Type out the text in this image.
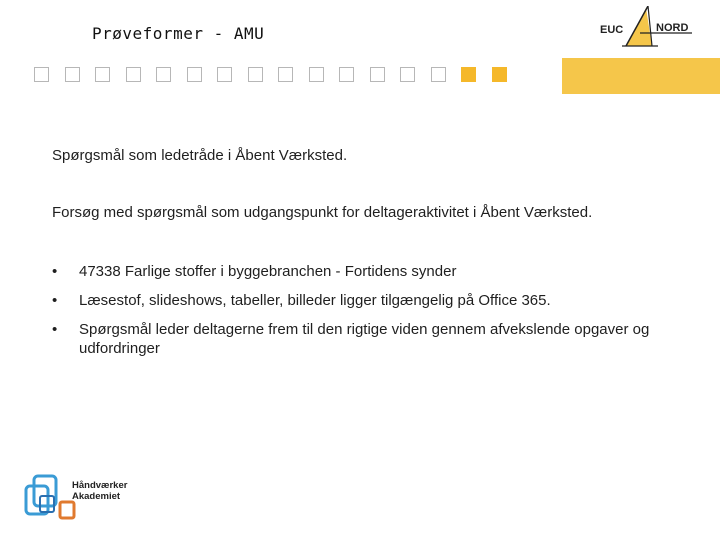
Prøveformer - AMU	EUC	NORD
Spørgsmål som ledetråde i Åbent Værksted.
Forsøg med spørgsmål som udgangspunkt for deltageraktivitet i Åbent Værksted.
• 47338 Farlige stoffer i byggebranchen - Fortidens synder
• Læsestof, slideshows, tabeller, billeder ligger tilgængelig på Office 365.
• Spørgsmål leder deltagerne frem til den rigtige viden gennem afvekslende opgaver og udfordringer
Håndværker
Akademiet
